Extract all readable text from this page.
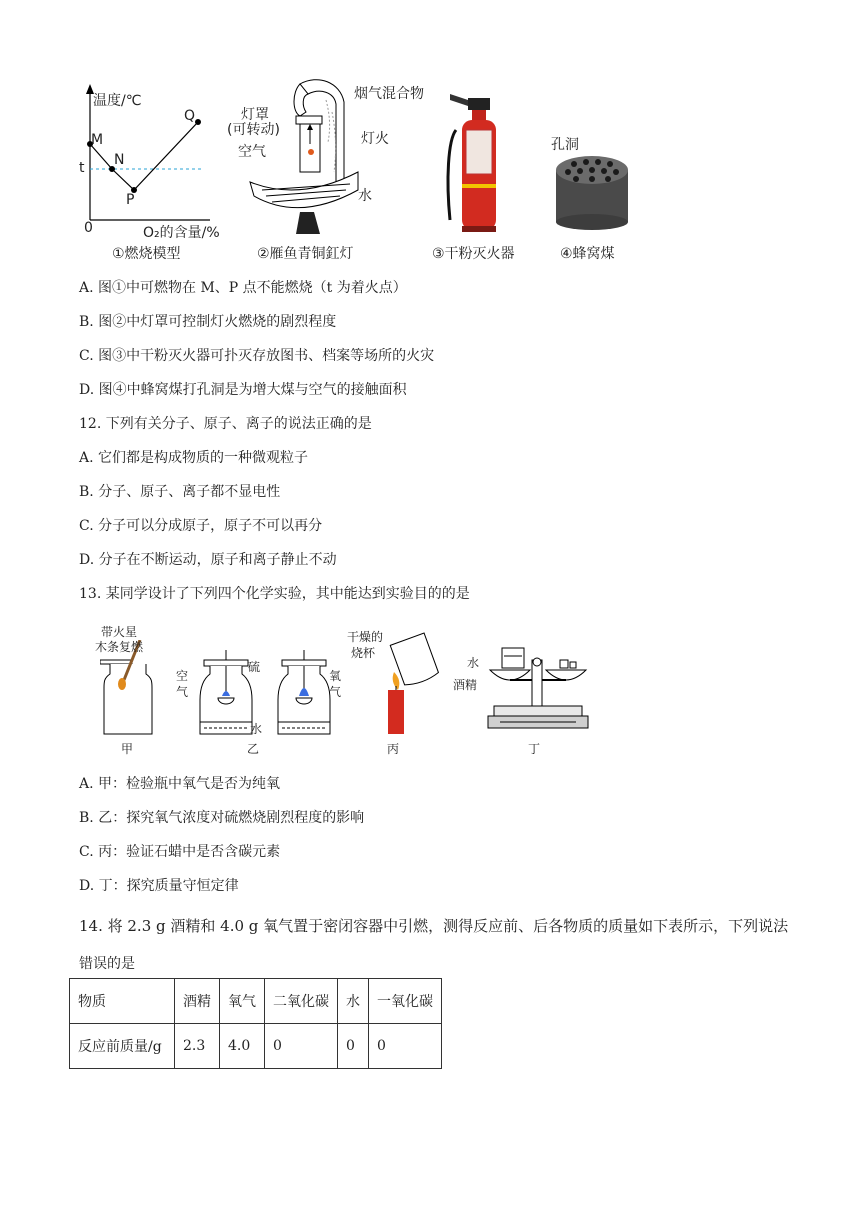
温度/℃
M
N
P
Q
t
0	O₂的含量/%
①燃烧模型
烟气混合物
灯罩
(可转动)
灯火
空气
水
②雁鱼青铜釭灯	③干粉灭火器
孔洞
④蜂窝煤
A. 图①中可燃物在 M、P 点不能燃烧（t 为着火点）
B. 图②中灯罩可控制灯火燃烧的剧烈程度
C. 图③中干粉灭火器可扑灭存放图书、档案等场所的火灾
D. 图④中蜂窝煤打孔洞是为增大煤与空气的接触面积
12. 下列有关分子、原子、离子的说法正确的是
A. 它们都是构成物质的一种微观粒子
B. 分子、原子、离子都不显电性
C. 分子可以分成原子，原子不可以再分
D. 分子在不断运动，原子和离子静止不动
13. 某同学设计了下列四个化学实验，其中能达到实验目的的是
带火星
木条复燃
甲
空
气
硫
水
氧
气
乙
干燥的
烧杯
丙
水
酒精
丁
A. 甲：检验瓶中氧气是否为纯氧
B. 乙：探究氧气浓度对硫燃烧剧烈程度的影响
C. 丙：验证石蜡中是否含碳元素
D. 丁：探究质量守恒定律
14. 将 2.3 g 酒精和 4.0 g 氧气置于密闭容器中引燃，测得反应前、后各物质的质量如下表所示，下列说法
错误的是
物质	酒精	氧气	二氧化碳	水	一氧化碳
反应前质量/g	2.3	4.0	0	0	0
